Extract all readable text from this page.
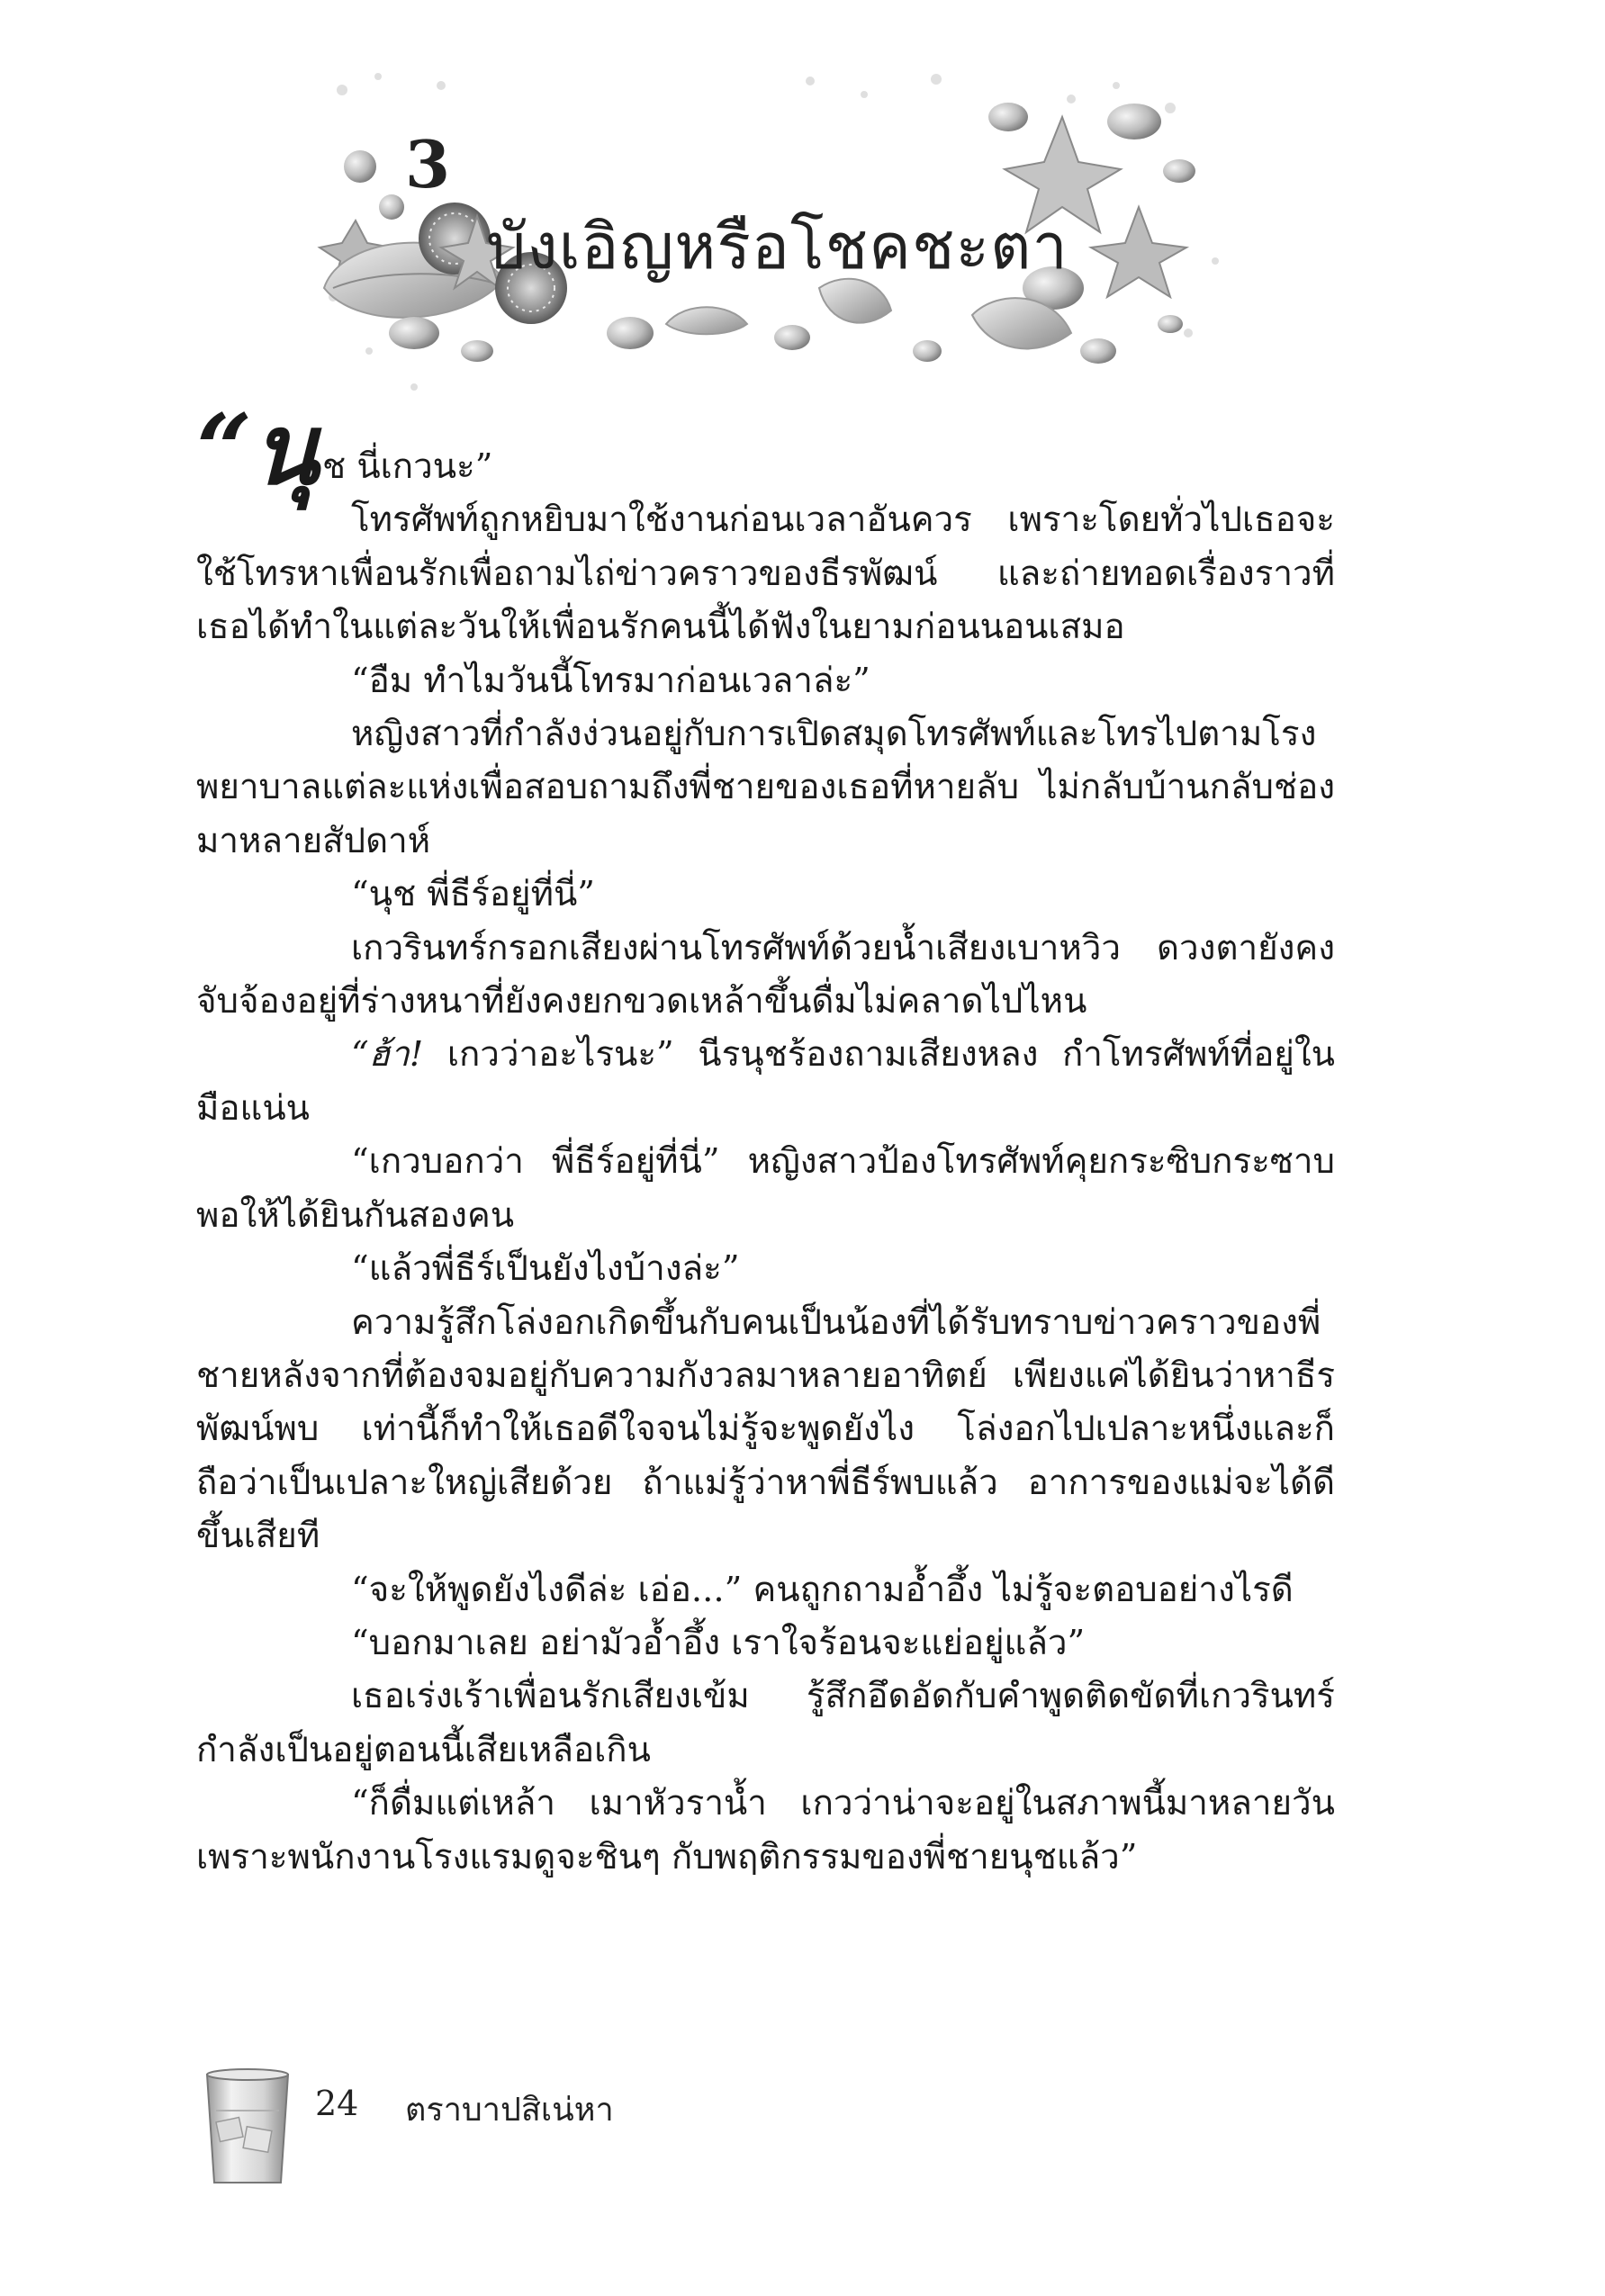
3
บังเอิญหรือโชคชะตา

“นุช นี่เกวนะ”

โทรศัพท์ถูกหยิบมาใช้งานก่อนเวลาอันควร เพราะโดยทั่วไปเธอจะใช้โทรหาเพื่อนรักเพื่อถามไถ่ข่าวคราวของธีรพัฒน์ และถ่ายทอดเรื่องราวที่เธอได้ทำในแต่ละวันให้เพื่อนรักคนนี้ได้ฟังในยามก่อนนอนเสมอ

“อืม ทำไมวันนี้โทรมาก่อนเวลาล่ะ”

หญิงสาวที่กำลังง่วนอยู่กับการเปิดสมุดโทรศัพท์และโทรไปตามโรงพยาบาลแต่ละแห่งเพื่อสอบถามถึงพี่ชายของเธอที่หายลับ ไม่กลับบ้านกลับช่องมาหลายสัปดาห์

“นุช พี่ธีร์อยู่ที่นี่”

เกวรินทร์กรอกเสียงผ่านโทรศัพท์ด้วยน้ำเสียงเบาหวิว ดวงตายังคงจับจ้องอยู่ที่ร่างหนาที่ยังคงยกขวดเหล้าขึ้นดื่มไม่คลาดไปไหน

“ฮ้า! เกวว่าอะไรนะ” นีรนุชร้องถามเสียงหลง กำโทรศัพท์ที่อยู่ในมือแน่น

“เกวบอกว่า พี่ธีร์อยู่ที่นี่” หญิงสาวป้องโทรศัพท์คุยกระซิบกระซาบพอให้ได้ยินกันสองคน

“แล้วพี่ธีร์เป็นยังไงบ้างล่ะ”

ความรู้สึกโล่งอกเกิดขึ้นกับคนเป็นน้องที่ได้รับทราบข่าวคราวของพี่ชายหลังจากที่ต้องจมอยู่กับความกังวลมาหลายอาทิตย์ เพียงแค่ได้ยินว่าหาธีรพัฒน์พบ เท่านี้ก็ทำให้เธอดีใจจนไม่รู้จะพูดยังไง โล่งอกไปเปลาะหนึ่งและก็ถือว่าเป็นเปลาะใหญ่เสียด้วย ถ้าแม่รู้ว่าหาพี่ธีร์พบแล้ว อาการของแม่จะได้ดีขึ้นเสียที

“จะให้พูดยังไงดีล่ะ เอ่อ...” คนถูกถามอ้ำอึ้ง ไม่รู้จะตอบอย่างไรดี

“บอกมาเลย อย่ามัวอ้ำอึ้ง เราใจร้อนจะแย่อยู่แล้ว”

เธอเร่งเร้าเพื่อนรักเสียงเข้ม รู้สึกอึดอัดกับคำพูดติดขัดที่เกวรินทร์กำลังเป็นอยู่ตอนนี้เสียเหลือเกิน

“ก็ดื่มแต่เหล้า เมาหัวราน้ำ เกวว่าน่าจะอยู่ในสภาพนี้มาหลายวันเพราะพนักงานโรงแรมดูจะชินๆ กับพฤติกรรมของพี่ชายนุชแล้ว”

24 ตราบาปสิเน่หา
